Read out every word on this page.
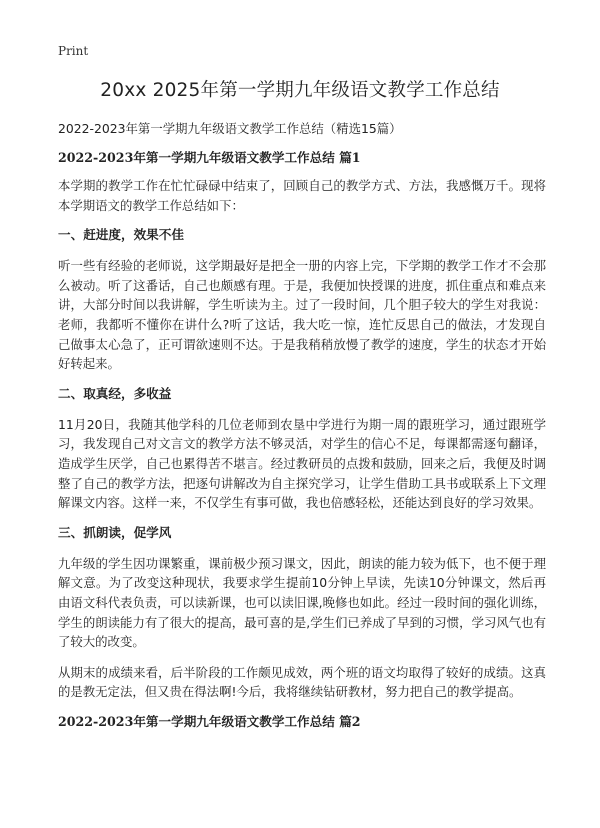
Print
20xx 2025年第一学期九年级语文教学工作总结

2022-2023年第一学期九年级语文教学工作总结（精选15篇）

2022-2023年第一学期九年级语文教学工作总结 篇1

本学期的教学工作在忙忙碌碌中结束了，回顾自己的教学方式、方法，我感慨万千。现将本学期语文的教学工作总结如下：

一、赶进度，效果不佳

听一些有经验的老师说，这学期最好是把全一册的内容上完，下学期的教学工作才不会那么被动。听了这番话，自己也颇感有理。于是，我便加快授课的进度，抓住重点和难点来讲，大部分时间以我讲解，学生听读为主。过了一段时间，几个胆子较大的学生对我说：老师，我都听不懂你在讲什么?听了这话，我大吃一惊，连忙反思自己的做法，才发现自己做事太心急了，正可谓欲速则不达。于是我稍稍放慢了教学的速度，学生的状态才开始好转起来。

二、取真经，多收益

11月20日，我随其他学科的几位老师到农垦中学进行为期一周的跟班学习，通过跟班学习，我发现自己对文言文的教学方法不够灵活，对学生的信心不足，每课都需逐句翻译，造成学生厌学，自己也累得苦不堪言。经过教研员的点拨和鼓励，回来之后，我便及时调整了自己的教学方法，把逐句讲解改为自主探究学习，让学生借助工具书或联系上下文理解课文内容。这样一来，不仅学生有事可做，我也倍感轻松，还能达到良好的学习效果。

三、抓朗读，促学风

九年级的学生因功课繁重，课前极少预习课文，因此，朗读的能力较为低下，也不便于理解文意。为了改变这种现状，我要求学生提前10分钟上早读，先读10分钟课文，然后再由语文科代表负责，可以读新课，也可以读旧课,晚修也如此。经过一段时间的强化训练，学生的朗读能力有了很大的提高，最可喜的是,学生们已养成了早到的习惯，学习风气也有了较大的改变。

从期末的成绩来看，后半阶段的工作颇见成效，两个班的语文均取得了较好的成绩。这真的是教无定法，但又贵在得法啊!今后，我将继续钻研教材，努力把自己的教学提高。

2022-2023年第一学期九年级语文教学工作总结 篇2
